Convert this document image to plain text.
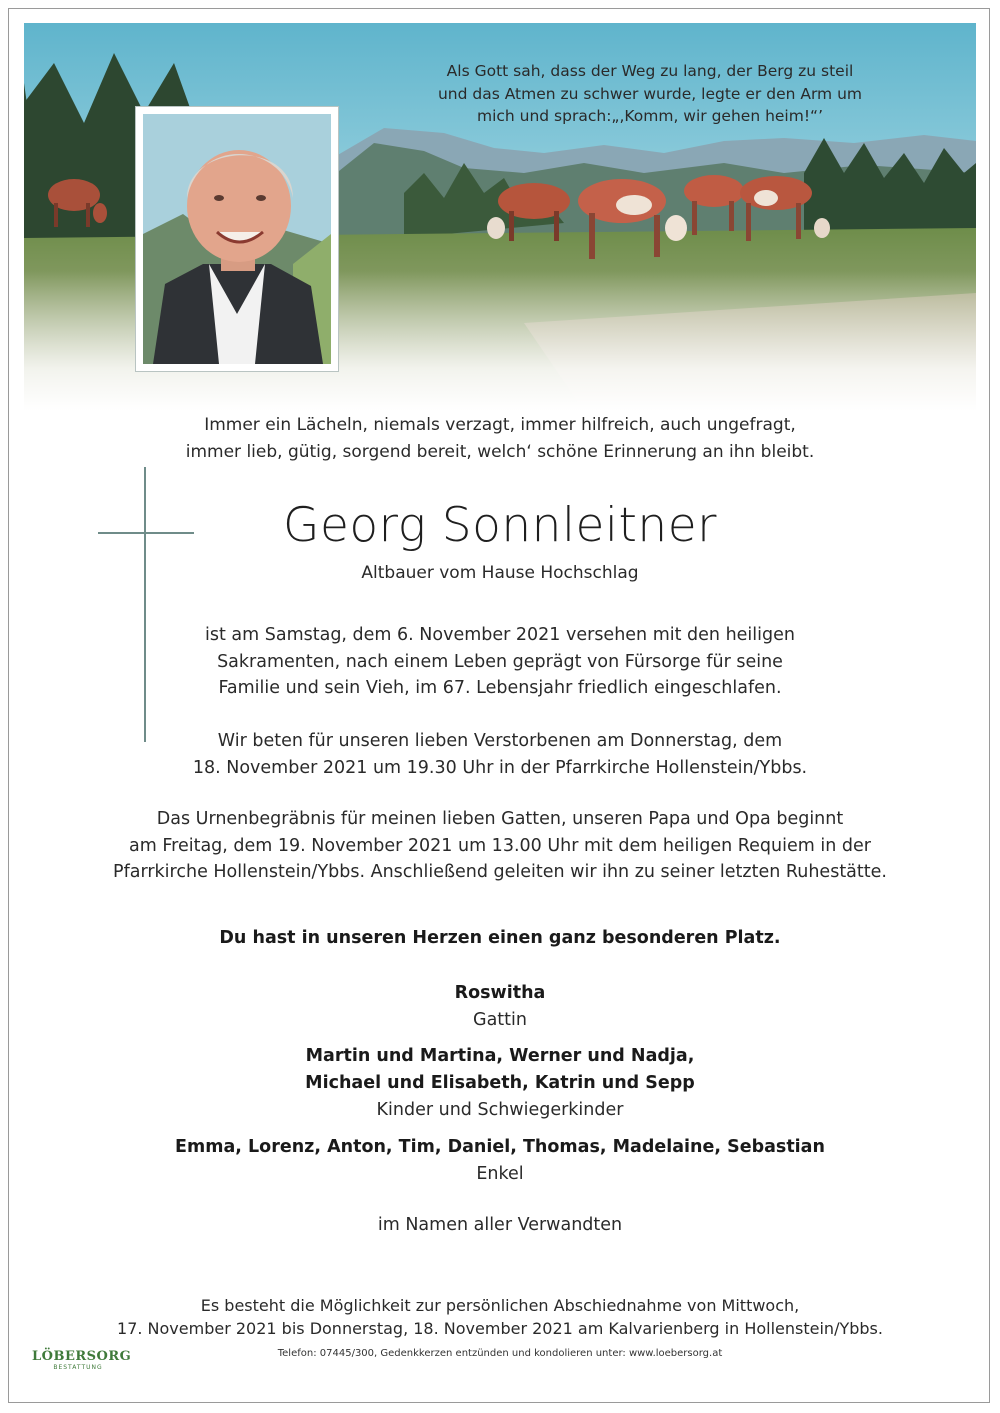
Als Gott sah, dass der Weg zu lang, der Berg zu steil
und das Atmen zu schwer wurde, legte er den Arm um
mich und sprach:„,Komm, wir gehen heim!“’
Immer ein Lächeln, niemals verzagt, immer hilfreich, auch ungefragt,
immer lieb, gütig, sorgend bereit, welch‘ schöne Erinnerung an ihn bleibt.
Georg Sonnleitner
Altbauer vom Hause Hochschlag
ist am Samstag, dem 6. November 2021 versehen mit den heiligen
Sakramenten, nach einem Leben geprägt von Fürsorge für seine
Familie und sein Vieh, im 67. Lebensjahr friedlich eingeschlafen.
Wir beten für unseren lieben Verstorbenen am Donnerstag, dem
18. November 2021 um 19.30 Uhr in der Pfarrkirche Hollenstein/Ybbs.
Das Urnenbegräbnis für meinen lieben Gatten, unseren Papa und Opa beginnt
am Freitag, dem 19. November 2021 um 13.00 Uhr mit dem heiligen Requiem in der
Pfarrkirche Hollenstein/Ybbs. Anschließend geleiten wir ihn zu seiner letzten Ruhestätte.
Du hast in unseren Herzen einen ganz besonderen Platz.
Roswitha
Gattin
Martin und Martina, Werner und Nadja,
Michael und Elisabeth, Katrin und Sepp
Kinder und Schwiegerkinder
Emma, Lorenz, Anton, Tim, Daniel, Thomas, Madelaine, Sebastian
Enkel
im Namen aller Verwandten
Es besteht die Möglichkeit zur persönlichen Abschiednahme von Mittwoch,
17. November 2021 bis Donnerstag, 18. November 2021 am Kalvarienberg in Hollenstein/Ybbs.
Telefon: 07445/300, Gedenkkerzen entzünden und kondolieren unter: www.loebersorg.at
LÖBERSORG
BESTATTUNG
